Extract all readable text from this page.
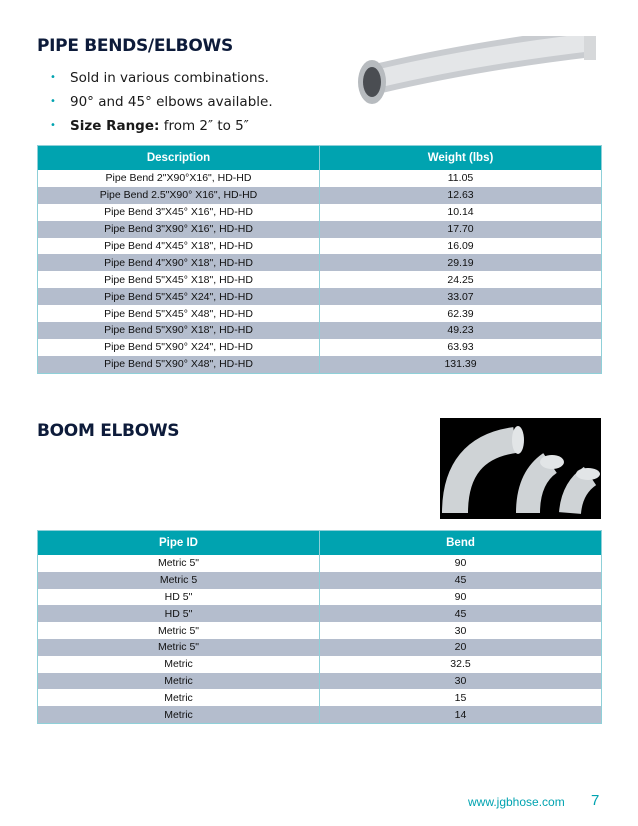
PIPE BENDS/ELBOWS
• Sold in various combinations.
• 90° and 45° elbows available.
• Size Range: from 2″ to 5″
Description	Weight (lbs)
Pipe Bend 2"X90°X16", HD-HD	11.05
Pipe Bend 2.5"X90° X16", HD-HD	12.63
Pipe Bend 3"X45° X16", HD-HD	10.14
Pipe Bend 3"X90° X16", HD-HD	17.70
Pipe Bend 4"X45° X18", HD-HD	16.09
Pipe Bend 4"X90° X18", HD-HD	29.19
Pipe Bend 5"X45° X18", HD-HD	24.25
Pipe Bend 5"X45° X24", HD-HD	33.07
Pipe Bend 5"X45° X48", HD-HD	62.39
Pipe Bend 5"X90° X18", HD-HD	49.23
Pipe Bend 5"X90° X24", HD-HD	63.93
Pipe Bend 5"X90° X48", HD-HD	131.39
BOOM ELBOWS
Pipe ID	Bend
Metric 5"	90
Metric 5	45
HD 5"	90
HD 5"	45
Metric 5"	30
Metric 5"	20
Metric	32.5
Metric	30
Metric	15
Metric	14
www.jgbhose.com 7
